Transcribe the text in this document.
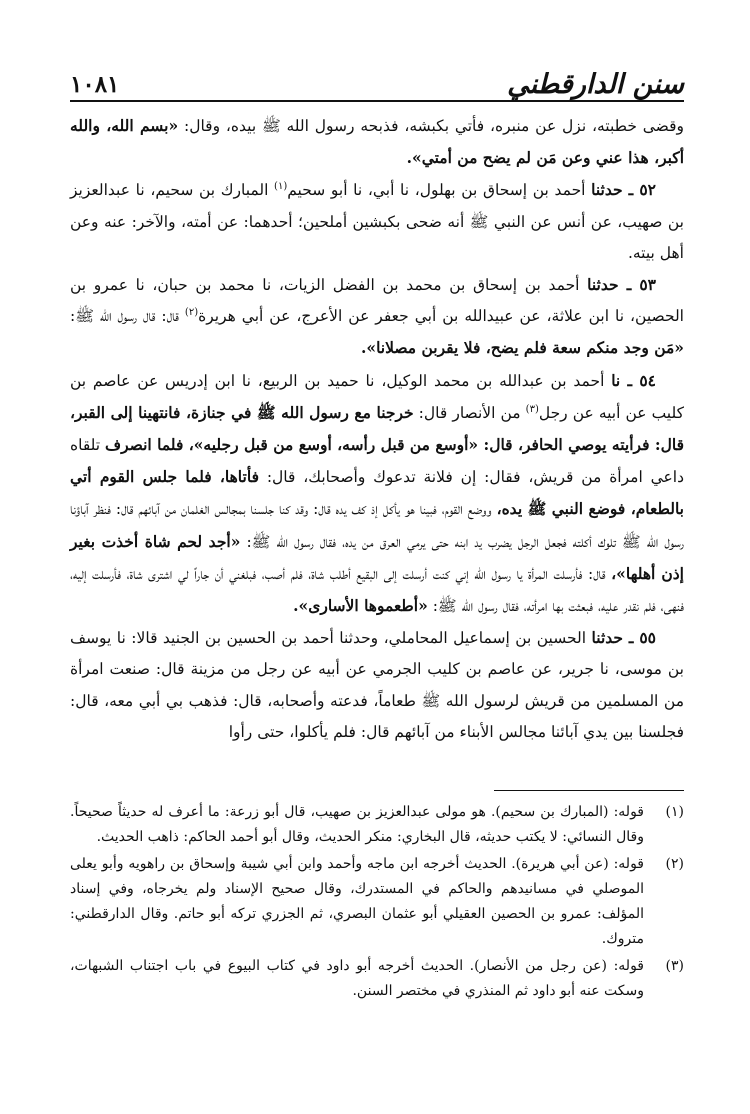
سنن الدارقطني
١٠٨١

وقضى خطبته، نزل عن منبره، فأتي بكبشه، فذبحه رسول الله ﷺ بيده، وقال: «بسم الله، والله أكبر، هذا عني وعن مَن لم يضح من أمتي».

٥٢ ـ حدثنا أحمد بن إسحاق بن بهلول، نا أبي، نا أبو سحيم$^{(١)}$ المبارك بن سحيم، نا عبدالعزيز بن صهيب، عن أنس عن النبي ﷺ أنه ضحى بكبشين أملحين؛ أحدهما: عن أمته، والآخر: عنه وعن أهل بيته.

٥٣ ـ حدثنا أحمد بن إسحاق بن محمد بن الفضل الزيات، نا محمد بن حبان، نا عمرو بن الحصين، نا ابن علاثة، عن عبيدالله بن أبي جعفر عن الأعرج، عن أبي هريرة$^{(٢)}$ قال: قال رسول الله ﷺ: «مَن وجد منكم سعة فلم يضح، فلا يقربن مصلانا».

٥٤ ـ نا أحمد بن عبدالله بن محمد الوكيل، نا حميد بن الربيع، نا ابن إدريس عن عاصم بن كليب عن أبيه عن رجل$^{(٣)}$ من الأنصار قال: خرجنا مع رسول الله ﷺ في جنازة، فانتهينا إلى القبر، قال: فرأيته يوصي الحافر، قال: «أوسع من قبل رأسه، أوسع من قبل رجليه»، فلما انصرف تلقاه داعي امرأة من قريش، فقال: إن فلانة تدعوك وأصحابك، قال: فأتاها، فلما جلس القوم أتي بالطعام، فوضع النبي ﷺ يده، ووضع القوم، فبينا هو يأكل إذ كف يده قال: وقد كنا جلسنا بمجالس الغلمان من آبائهم قال: فنظر آباؤنا رسول الله ﷺ تلوك أكلته فجعل الرجل يضرب يد ابنه حتى يرمي العرق من يده، فقال رسول الله ﷺ: «أجد لحم شاة أخذت بغير إذن أهلها»، قال: فأرسلت المرأة يا رسول الله إني كنت أرسلت إلى البقيع أطلب شاة، فلم أصب، فبلغني أن جاراً لي اشترى شاة، فأرسلت إليه، فنهى، فلم نقدر عليه، فبعثت بها امرأته، فقال رسول الله ﷺ: «أطعموها الأسارى».

٥٥ ـ حدثنا الحسين بن إسماعيل المحاملي، وحدثنا أحمد بن الحسين بن الجنيد قالا: نا يوسف بن موسى، نا جرير، عن عاصم بن كليب الجرمي عن أبيه عن رجل من مزينة قال: صنعت امرأة من المسلمين من قريش لرسول الله ﷺ طعاماً، فدعته وأصحابه، قال: فذهب بي أبي معه، قال: فجلسنا بين يدي آبائنا مجالس الأبناء من آبائهم قال: فلم يأكلوا، حتى رأوا

(١)
قوله: (المبارك بن سحيم). هو مولى عبدالعزيز بن صهيب، قال أبو زرعة: ما أعرف له حديثاً صحيحاً. وقال النسائي: لا يكتب حديثه، قال البخاري: منكر الحديث، وقال أبو أحمد الحاكم: ذاهب الحديث.
(٢)
قوله: (عن أبي هريرة). الحديث أخرجه ابن ماجه وأحمد وابن أبي شيبة وإسحاق بن راهويه وأبو يعلى الموصلي في مسانيدهم والحاكم في المستدرك، وقال صحيح الإسناد ولم يخرجاه، وفي إسناد المؤلف: عمرو بن الحصين العقيلي أبو عثمان البصري، ثم الجزري تركه أبو حاتم. وقال الدارقطني: متروك.
(٣)
قوله: (عن رجل من الأنصار). الحديث أخرجه أبو داود في كتاب البيوع في باب اجتناب الشبهات، وسكت عنه أبو داود ثم المنذري في مختصر السنن.
